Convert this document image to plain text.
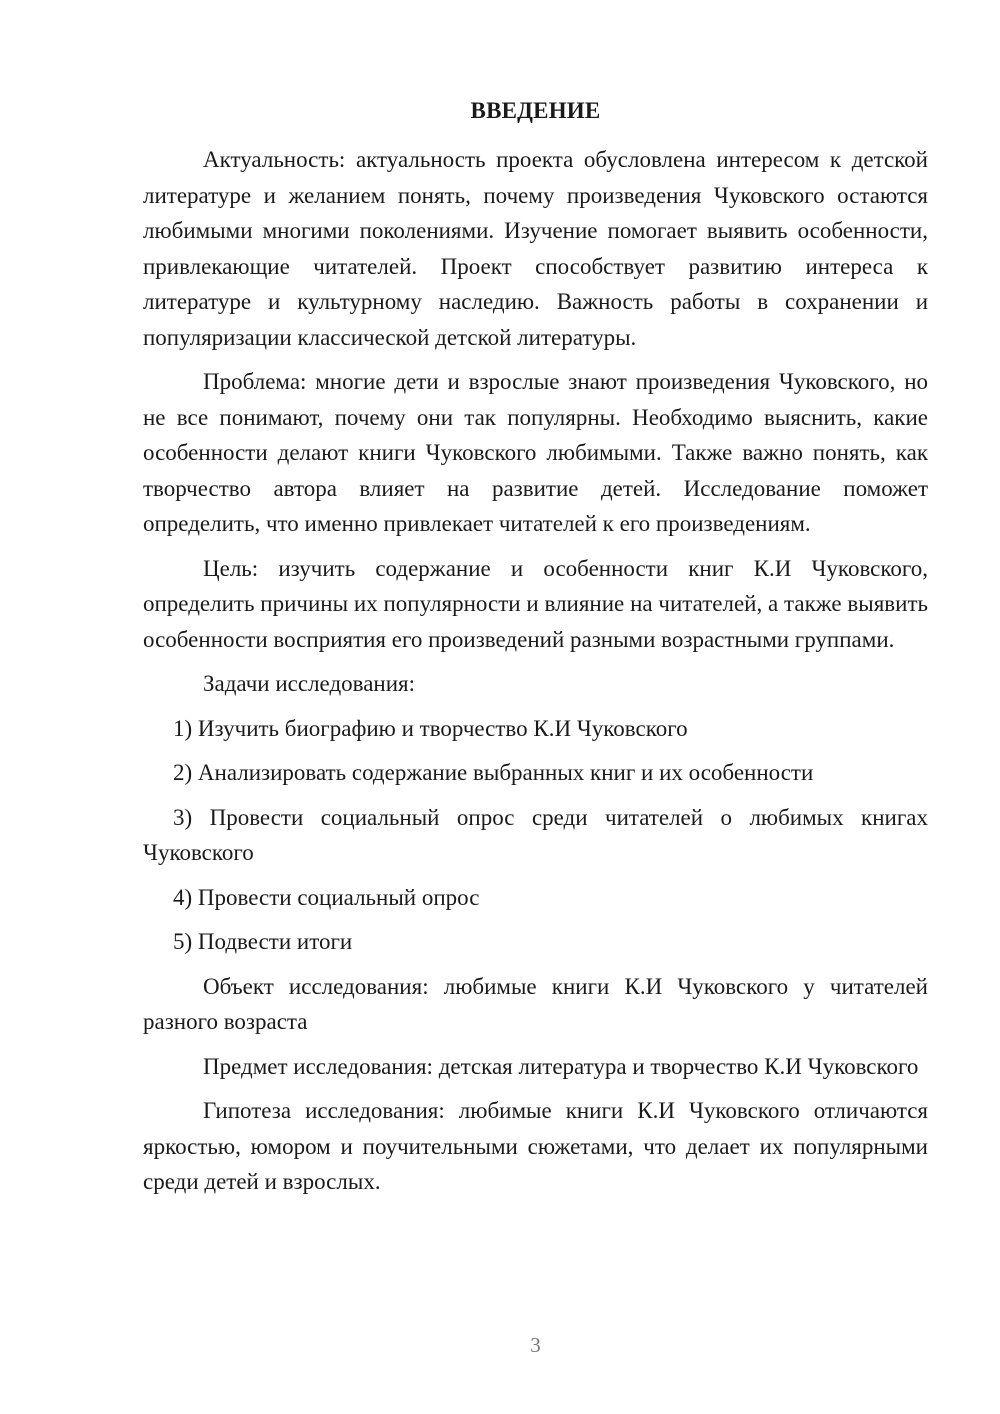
ВВЕДЕНИЕ

Актуальность: актуальность проекта обусловлена интересом к детской литературе и желанием понять, почему произведения Чуковского остаются любимыми многими поколениями. Изучение помогает выявить особенности, привлекающие читателей. Проект способствует развитию интереса к литературе и культурному наследию. Важность работы в сохранении и популяризации классической детской литературы.

Проблема: многие дети и взрослые знают произведения Чуковского, но не все понимают, почему они так популярны. Необходимо выяснить, какие особенности делают книги Чуковского любимыми. Также важно понять, как творчество автора влияет на развитие детей. Исследование поможет определить, что именно привлекает читателей к его произведениям.

Цель: изучить содержание и особенности книг К.И Чуковского, определить причины их популярности и влияние на читателей, а также выявить особенности восприятия его произведений разными возрастными группами.

Задачи исследования:

1) Изучить биографию и творчество К.И Чуковского

2) Анализировать содержание выбранных книг и их особенности

3) Провести социальный опрос среди читателей о любимых книгах Чуковского

4) Провести социальный опрос

5) Подвести итоги

Объект исследования: любимые книги К.И Чуковского у читателей разного возраста

Предмет исследования: детская литература и творчество К.И Чуковского

Гипотеза исследования: любимые книги К.И Чуковского отличаются яркостью, юмором и поучительными сюжетами, что делает их популярными среди детей и взрослых.

3
